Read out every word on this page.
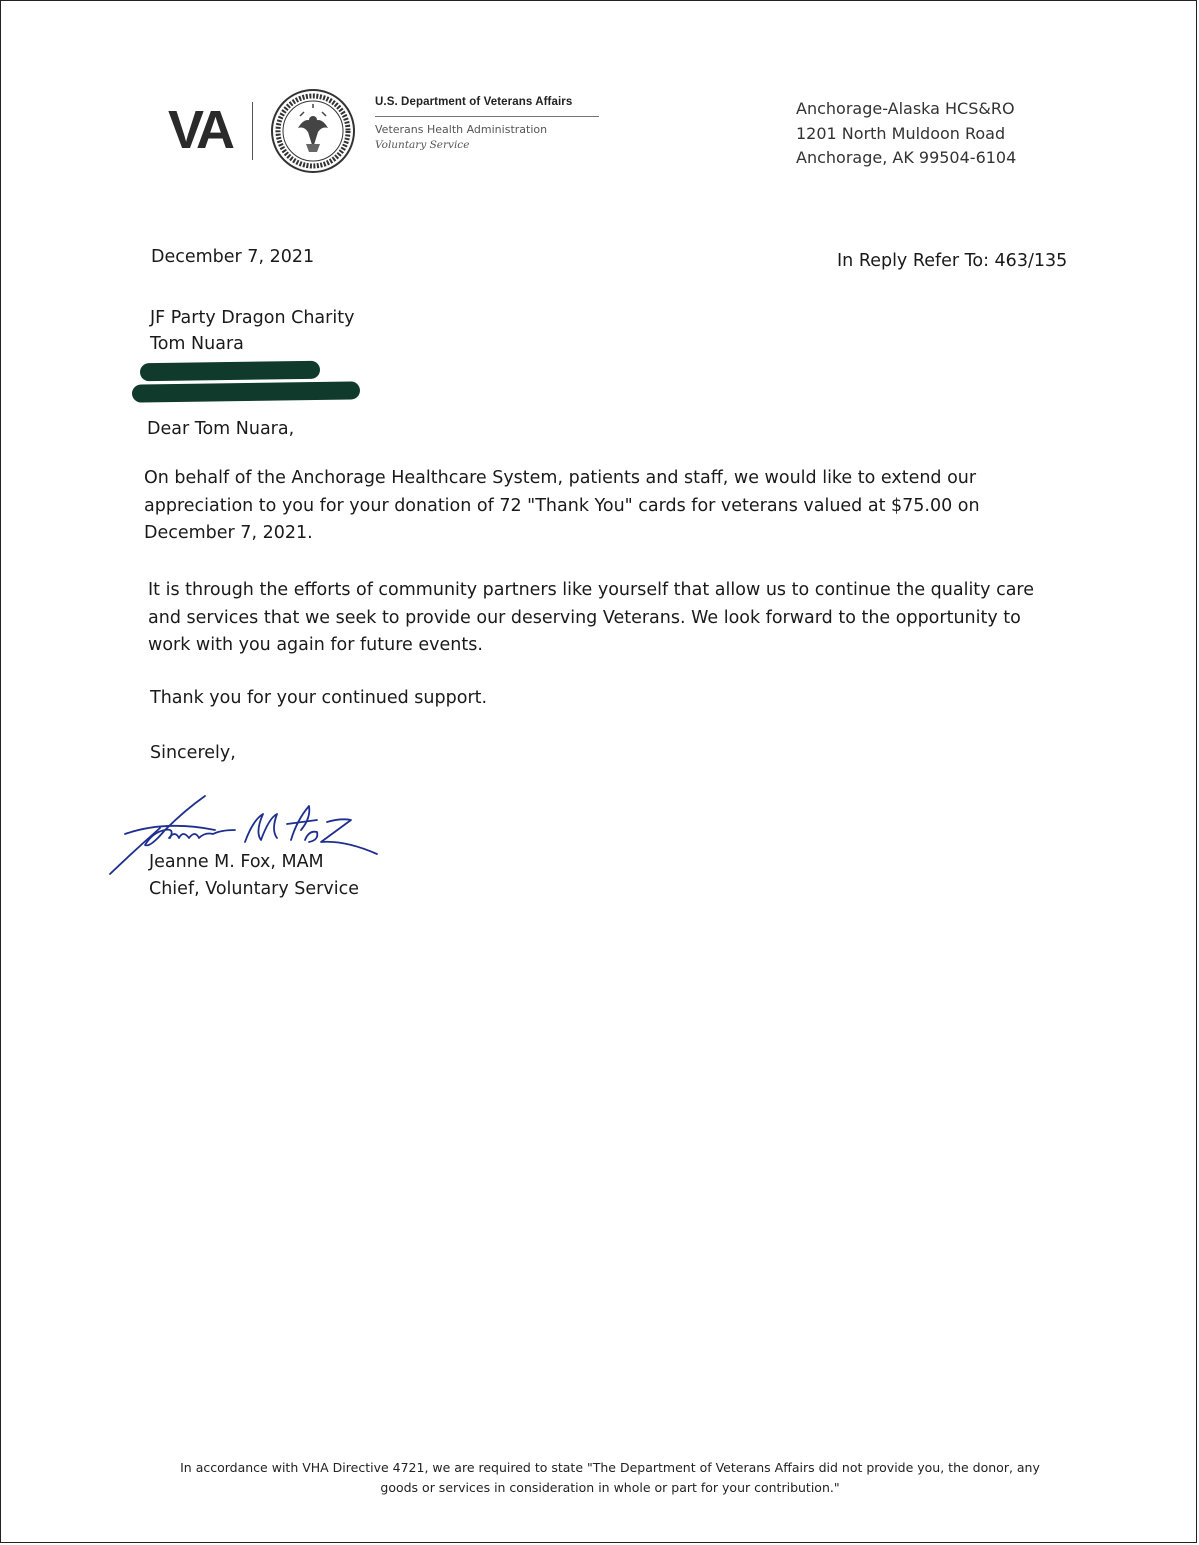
VA	U.S. Department of Veterans Affairs
Veterans Health Administration
Voluntary Service
Anchorage-Alaska HCS&RO
1201 North Muldoon Road
Anchorage, AK 99504-6104
December 7, 2021	In Reply Refer To: 463/135
JF Party Dragon Charity
Tom Nuara
Dear Tom Nuara,
On behalf of the Anchorage Healthcare System, patients and staff, we would like to extend our
appreciation to you for your donation of 72 "Thank You" cards for veterans valued at $75.00 on
December 7, 2021.
It is through the efforts of community partners like yourself that allow us to continue the quality care
and services that we seek to provide our deserving Veterans. We look forward to the opportunity to
work with you again for future events.
Thank you for your continued support.
Sincerely,
Jeanne M. Fox, MAM
Chief, Voluntary Service
In accordance with VHA Directive 4721, we are required to state "The Department of Veterans Affairs did not provide you, the donor, any
goods or services in consideration in whole or part for your contribution."
